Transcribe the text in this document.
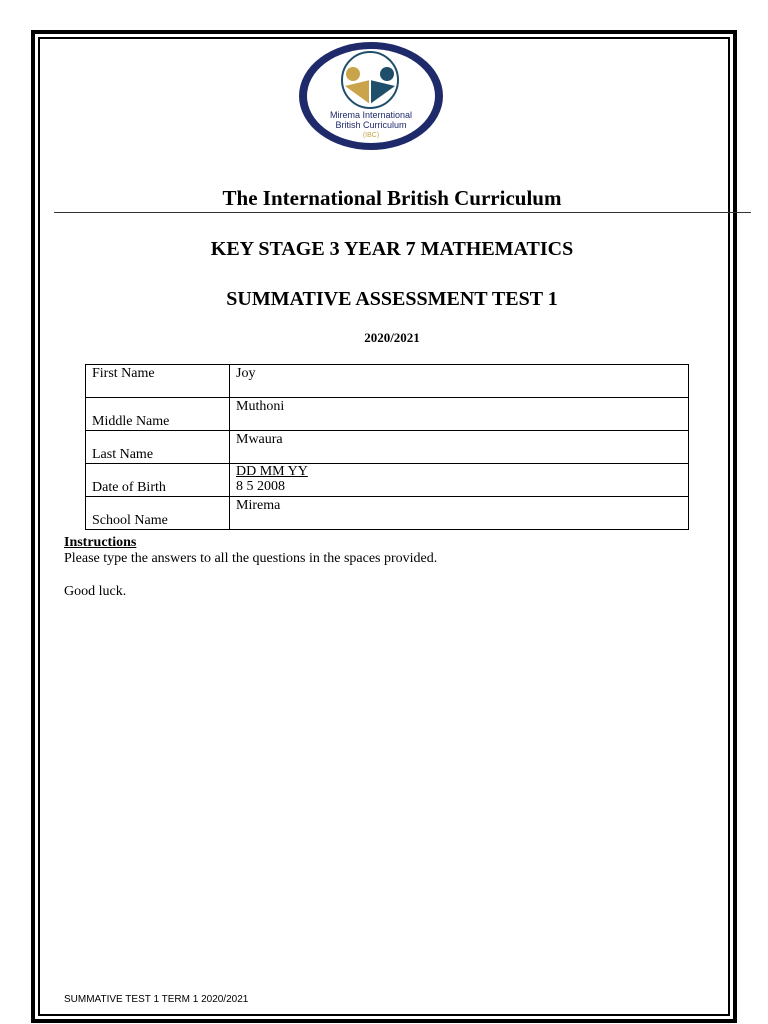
Mirema International
British Curriculum
(IBC)
The International British Curriculum
KEY STAGE 3 YEAR 7 MATHEMATICS
SUMMATIVE ASSESSMENT TEST 1
2020/2021
First Name	Joy
Middle Name	Muthoni
Last Name	Mwaura
Date of Birth	DD MM YY
8 5 2008

School Name	Mirema
Instructions
Please type the answers to all the questions in the spaces provided.
Good luck.
SUMMATIVE TEST 1 TERM 1 2020/2021
